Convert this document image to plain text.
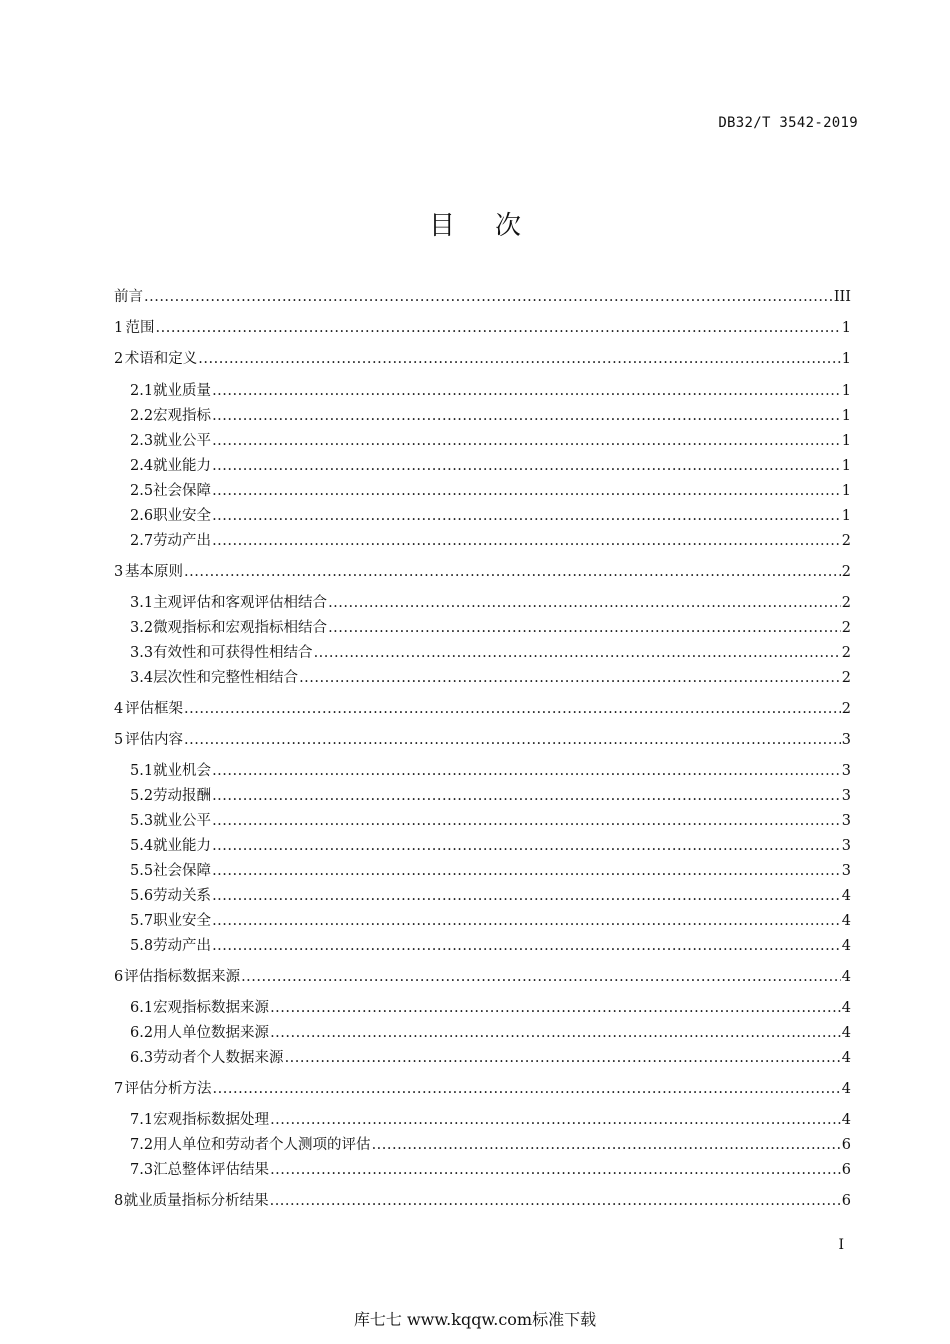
DB32/T 3542-2019
目次
前言 .....	III
1 范围 .....	1
2 术语和定义 .....	1
2.1 就业质量 .....	1
2.2 宏观指标 .....	1
2.3 就业公平 .....	1
2.4 就业能力 .....	1
2.5 社会保障 .....	1
2.6 职业安全 .....	1
2.7 劳动产出 .....	2
3 基本原则 .....	2
3.1 主观评估和客观评估相结合 .....	2
3.2 微观指标和宏观指标相结合 .....	2
3.3 有效性和可获得性相结合 .....	2
3.4 层次性和完整性相结合 .....	2
4 评估框架 .....	2
5 评估内容 .....	3
5.1 就业机会 .....	3
5.2 劳动报酬 .....	3
5.3 就业公平 .....	3
5.4 就业能力 .....	3
5.5 社会保障 .....	3
5.6 劳动关系 .....	4
5.7 职业安全 .....	4
5.8 劳动产出 .....	4
6 评估指标数据来源 .....	4
6.1 宏观指标数据来源 .....	4
6.2 用人单位数据来源 .....	4
6.3 劳动者个人数据来源 .....	4
7 评估分析方法 .....	4
7.1 宏观指标数据处理 .....	4
7.2 用人单位和劳动者个人测项的评估 .....	6
7.3 汇总整体评估结果 .....	6
8 就业质量指标分析结果 .....	6
I
库七七 www.kqqw.com标准下载
